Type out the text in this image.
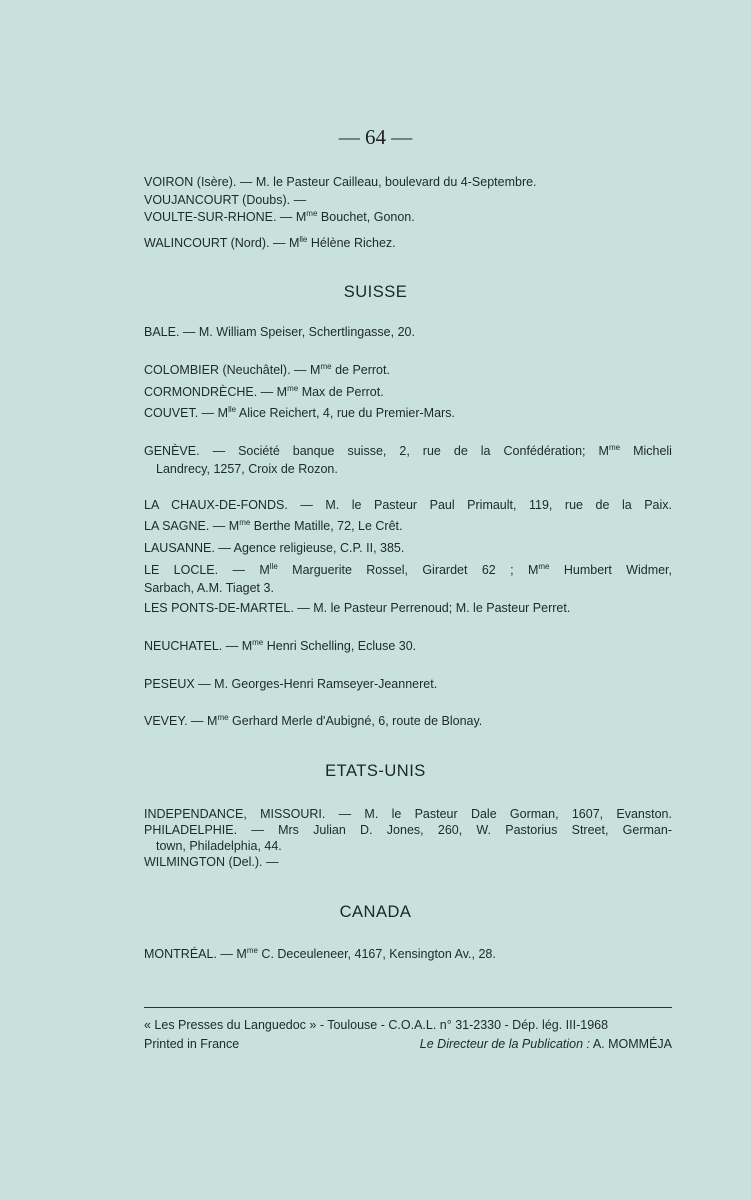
— 64 —
VOIRON (Isère). — M. le Pasteur Cailleau, boulevard du 4-Septembre.
VOUJANCOURT (Doubs). —
VOULTE-SUR-RHONE. — $M^{me}$ Bouchet, Gonon.
WALINCOURT (Nord). — $M^{lle}$ Hélène Richez.
BALE. — M. William Speiser, Schertlingasse, 20.
COLOMBIER (Neuchâtel). — $M^{me}$ de Perrot.
CORMONDRÈCHE. — $M^{me}$ Max de Perrot.
COUVET. — $M^{lle}$ Alice Reichert, 4, rue du Premier-Mars.
GENÈVE. — Société banque suisse, 2, rue de la Confédération; $M^{me}$ Micheli
Landrecy, 1257, Croix de Rozon.
LA CHAUX-DE-FONDS. — M. le Pasteur Paul Primault, 119, rue de la Paix.
LA SAGNE. — $M^{me}$ Berthe Matille, 72, Le Crêt.
LAUSANNE. — Agence religieuse, C.P. II, 385.
LE LOCLE. — $M^{lle}$ Marguerite Rossel, Girardet 62 ; $M^{me}$ Humbert Widmer,
Sarbach, A.M. Tiaget 3.
LES PONTS-DE-MARTEL. — M. le Pasteur Perrenoud; M. le Pasteur Perret.
NEUCHATEL. — $M^{me}$ Henri Schelling, Ecluse 30.
PESEUX — M. Georges-Henri Ramseyer-Jeanneret.
VEVEY. — $M^{me}$ Gerhard Merle d'Aubigné, 6, route de Blonay.
INDEPENDANCE, MISSOURI. — M. le Pasteur Dale Gorman, 1607, Evanston.
PHILADELPHIE. — Mrs Julian D. Jones, 260, W. Pastorius Street, German-
town, Philadelphia, 44.
WILMINGTON (Del.). —
MONTRÉAL. — $M^{me}$ C. Deceuleneer, 4167, Kensington Av., 28.
SUISSE
ETATS-UNIS
CANADA
« Les Presses du Languedoc » - Toulouse - C.O.A.L. n° 31-2330 - Dép. lég. III-1968
Printed in France	Le Directeur de la Publication : A. MOMMÉJA
